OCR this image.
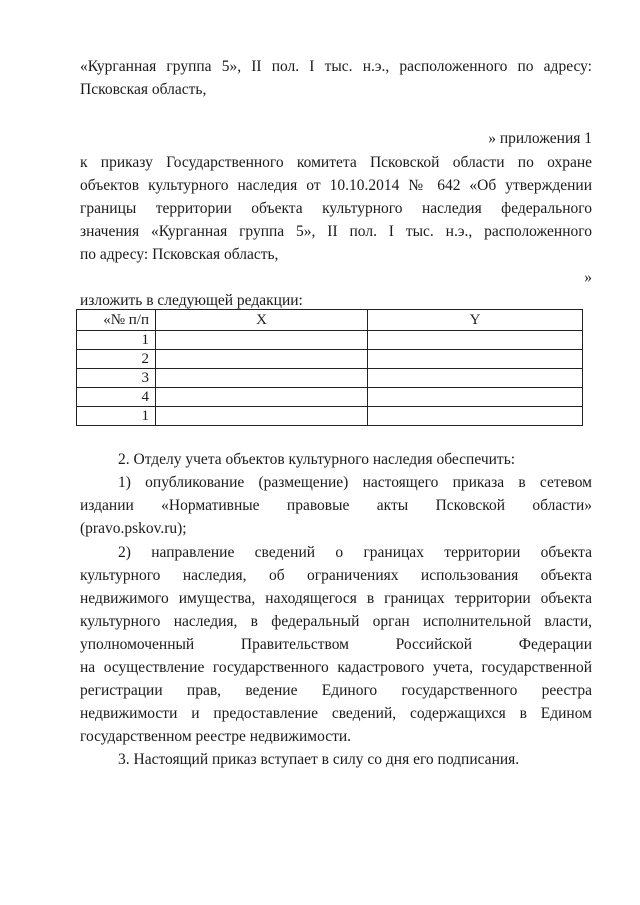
«Курганная группа 5», II пол. I тыс. н.э., расположенного по адресу:
Псковская область,
» приложения 1
к приказу Государственного комитета Псковской области по охране
объектов культурного наследия от 10.10.2014 № 642 «Об утверждении
границы территории объекта культурного наследия федерального
значения «Курганная группа 5», II пол. I тыс. н.э., расположенного
по адресу: Псковская область,
»
изложить в следующей редакции:
«№ п/п	X	Y
1		
2		
3		
4		
1		
2. Отделу учета объектов культурного наследия обеспечить:
1) опубликование (размещение) настоящего приказа в сетевом
издании «Нормативные правовые акты Псковской области»
(pravo.pskov.ru);
2) направление сведений о границах территории объекта
культурного наследия, об ограничениях использования объекта
недвижимого имущества, находящегося в границах территории объекта
культурного наследия, в федеральный орган исполнительной власти,
уполномоченный Правительством Российской Федерации
на осуществление государственного кадастрового учета, государственной
регистрации прав, ведение Единого государственного реестра
недвижимости и предоставление сведений, содержащихся в Едином
государственном реестре недвижимости.
3. Настоящий приказ вступает в силу со дня его подписания.
